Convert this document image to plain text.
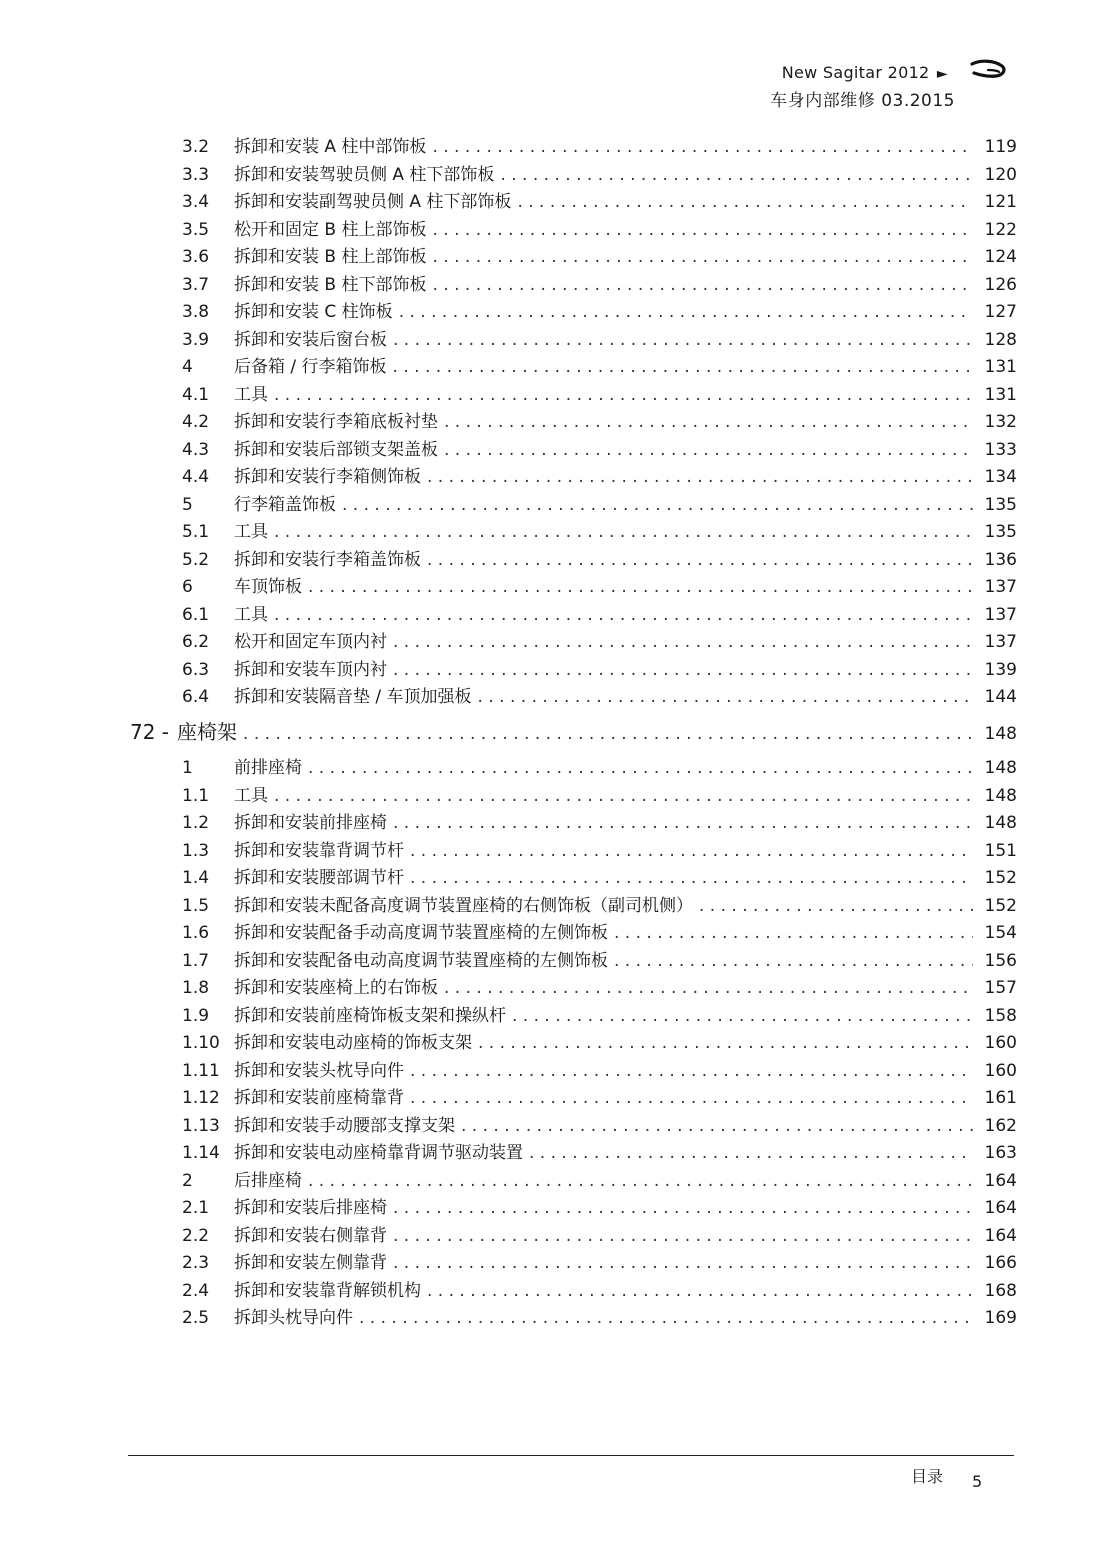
New Sagitar 2012 ►
车身内部维修 03.2015
3.2	拆卸和安装 A 柱中部饰板 . . .	119
3.3	拆卸和安装驾驶员侧 A 柱下部饰板 . . .	120
3.4	拆卸和安装副驾驶员侧 A 柱下部饰板 . . .	121
3.5	松开和固定 B 柱上部饰板 . . .	122
3.6	拆卸和安装 B 柱上部饰板 . . .	124
3.7	拆卸和安装 B 柱下部饰板 . . .	126
3.8	拆卸和安装 C 柱饰板 . . .	127
3.9	拆卸和安装后窗台板 . . .	128
4	后备箱 / 行李箱饰板 . . .	131
4.1	工具 . . .	131
4.2	拆卸和安装行李箱底板衬垫 . . .	132
4.3	拆卸和安装后部锁支架盖板 . . .	133
4.4	拆卸和安装行李箱侧饰板 . . .	134
5	行李箱盖饰板 . . .	135
5.1	工具 . . .	135
5.2	拆卸和安装行李箱盖饰板 . . .	136
6	车顶饰板 . . .	137
6.1	工具 . . .	137
6.2	松开和固定车顶内衬 . . .	137
6.3	拆卸和安装车顶内衬 . . .	139
6.4	拆卸和安装隔音垫 / 车顶加强板 . . .	144
1	前排座椅 . . .	148
1.1	工具 . . .	148
1.2	拆卸和安装前排座椅 . . .	148
1.3	拆卸和安装靠背调节杆 . . .	151
1.4	拆卸和安装腰部调节杆 . . .	152
1.5	拆卸和安装未配备高度调节装置座椅的右侧饰板（副司机侧） . . .	152
1.6	拆卸和安装配备手动高度调节装置座椅的左侧饰板 . . .	154
1.7	拆卸和安装配备电动高度调节装置座椅的左侧饰板 . . .	156
1.8	拆卸和安装座椅上的右饰板 . . .	157
1.9	拆卸和安装前座椅饰板支架和操纵杆 . . .	158
1.10 拆卸和安装电动座椅的饰板支架 . . .	160
1.11 拆卸和安装头枕导向件 . . .	160
1.12 拆卸和安装前座椅靠背 . . .	161
1.13 拆卸和安装手动腰部支撑支架 . . .	162
1.14 拆卸和安装电动座椅靠背调节驱动装置 . . .	163
2	后排座椅 . . .	164
2.1	拆卸和安装后排座椅 . . .	164
2.2	拆卸和安装右侧靠背 . . .	164
2.3	拆卸和安装左侧靠背 . . .	166
2.4	拆卸和安装靠背解锁机构 . . .	168
2.5	拆卸头枕导向件 . . .	169
72 - 座椅架 . . .	148
目录 5
